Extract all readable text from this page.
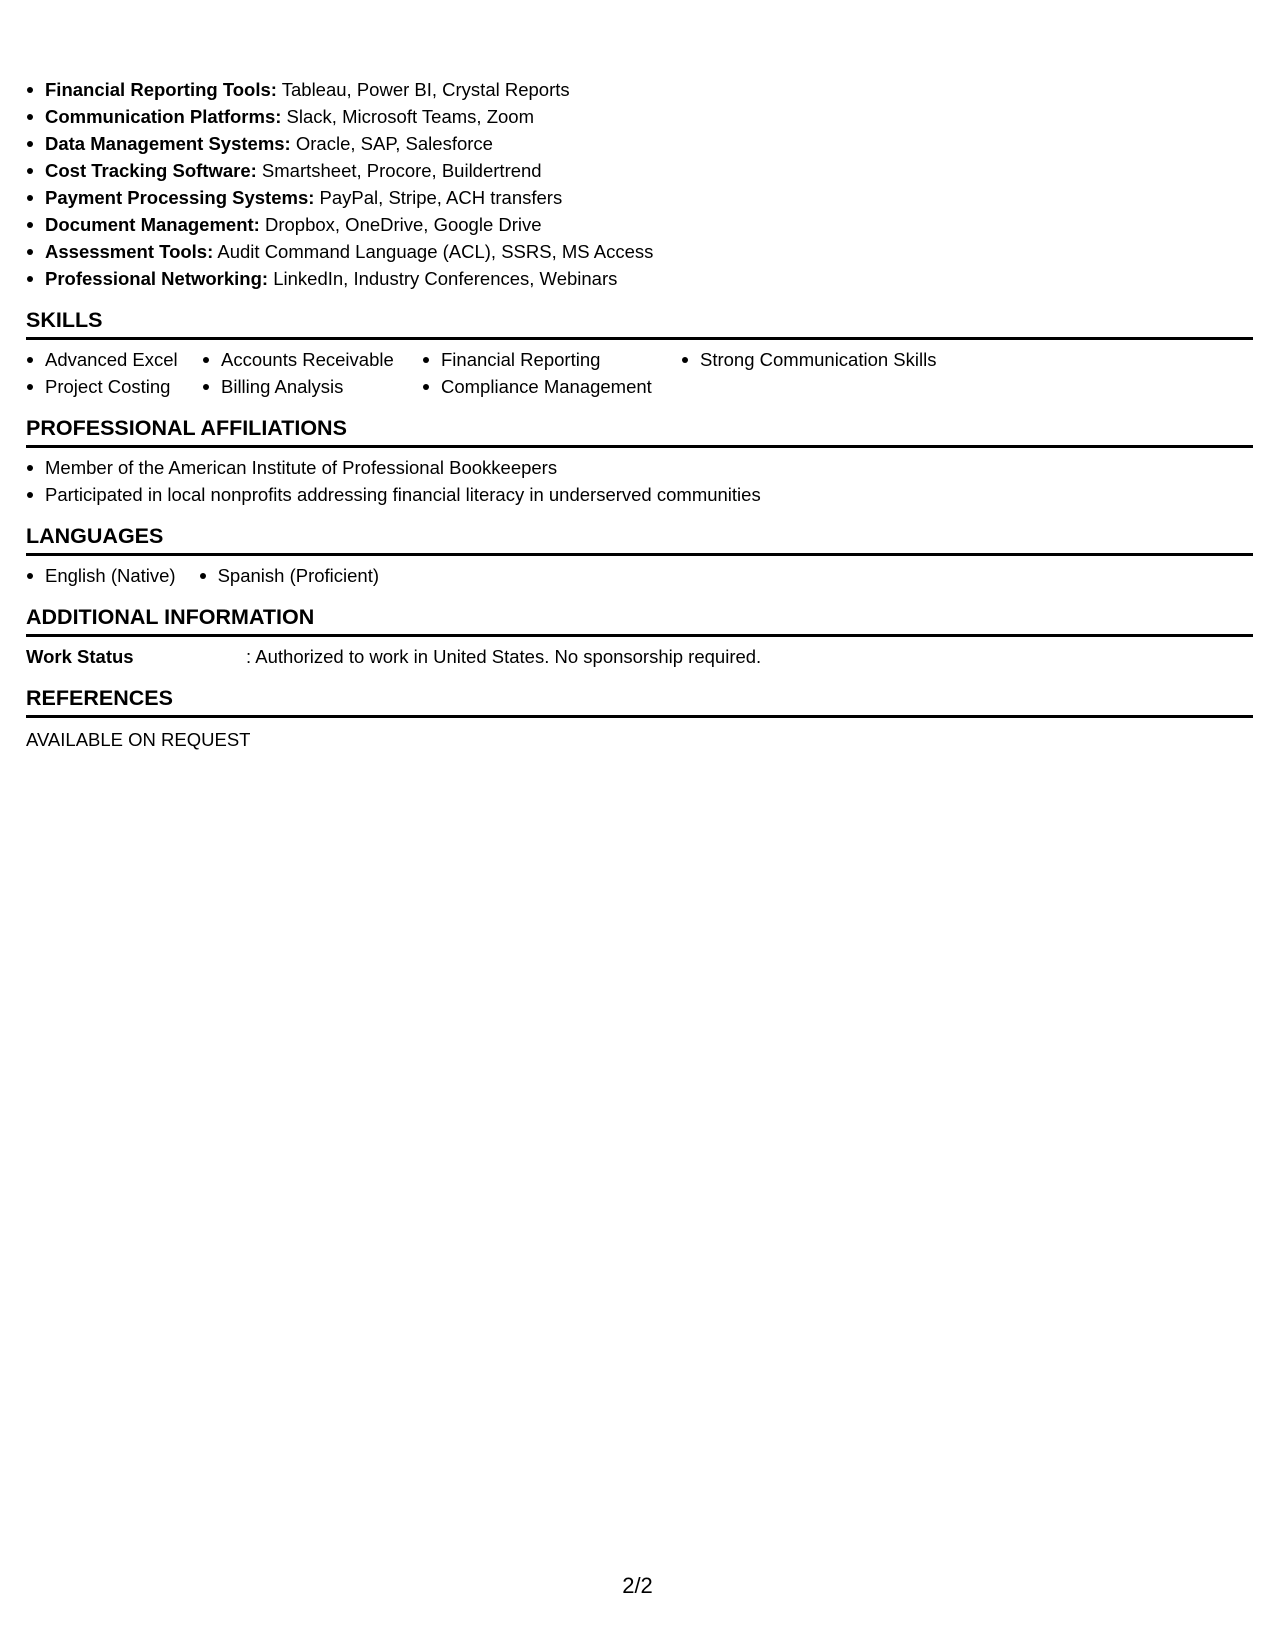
Financial Reporting Tools: Tableau, Power BI, Crystal Reports
Communication Platforms: Slack, Microsoft Teams, Zoom
Data Management Systems: Oracle, SAP, Salesforce
Cost Tracking Software: Smartsheet, Procore, Buildertrend
Payment Processing Systems: PayPal, Stripe, ACH transfers
Document Management: Dropbox, OneDrive, Google Drive
Assessment Tools: Audit Command Language (ACL), SSRS, MS Access
Professional Networking: LinkedIn, Industry Conferences, Webinars
SKILLS
Advanced Excel
Project Costing
Accounts Receivable
Billing Analysis
Financial Reporting
Compliance Management
Strong Communication Skills
PROFESSIONAL AFFILIATIONS
Member of the American Institute of Professional Bookkeepers
Participated in local nonprofits addressing financial literacy in underserved communities
LANGUAGES
English (Native)	Spanish (Proficient)
ADDITIONAL INFORMATION
Work Status	: Authorized to work in United States. No sponsorship required.
REFERENCES
AVAILABLE ON REQUEST
2/2
